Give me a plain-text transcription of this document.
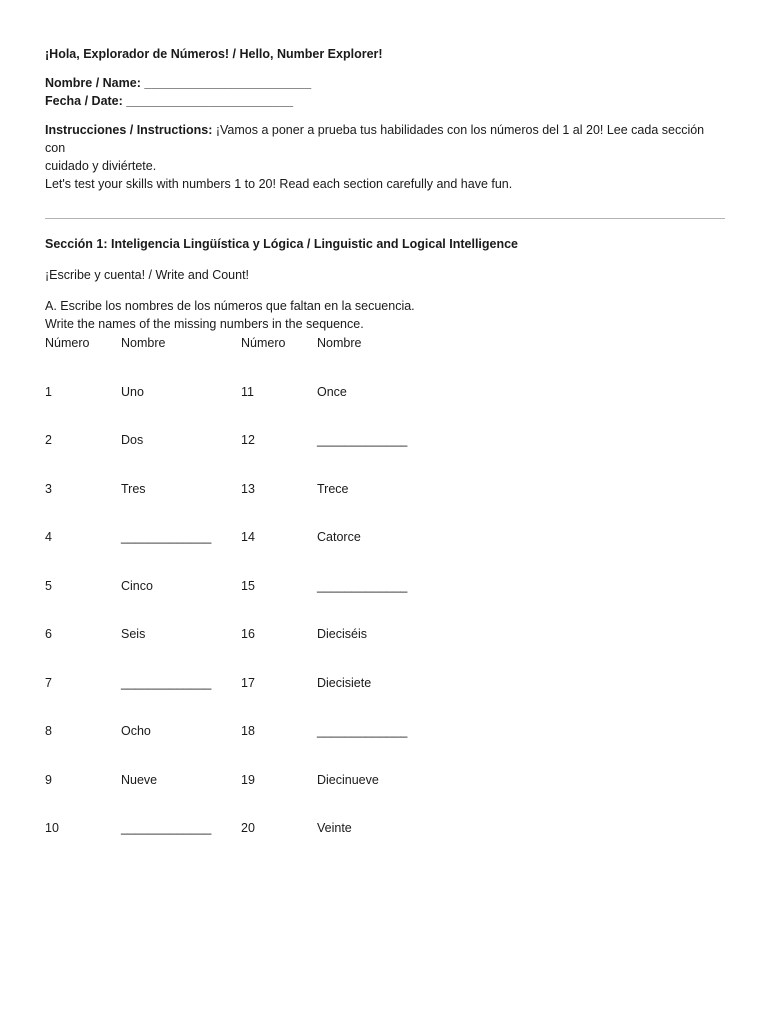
¡Hola, Explorador de Números! / Hello, Number Explorer!

Nombre / Name: ________________________

Fecha / Date: ________________________

Instrucciones / Instructions: ¡Vamos a poner a prueba tus habilidades con los números del 1 al 20! Lee cada sección con

cuidado y diviértete.

Let's test your skills with numbers 1 to 20! Read each section carefully and have fun.

Sección 1: Inteligencia Lingüística y Lógica / Linguistic and Logical Intelligence

¡Escribe y cuenta! / Write and Count!

A. Escribe los nombres de los números que faltan en la secuencia.

Write the names of the missing numbers in the sequence.

Número	Nombre	Número	Nombre
1	Uno	11	Once
2	Dos	12	_____________
3	Tres	13	Trece
4	_____________ 14	Catorce
5	Cinco	15	_____________
6	Seis	16	Dieciséis
7	_____________ 17	Diecisiete
8	Ocho	18	_____________
9	Nueve	19	Diecinueve
10	_____________ 20	Veinte
